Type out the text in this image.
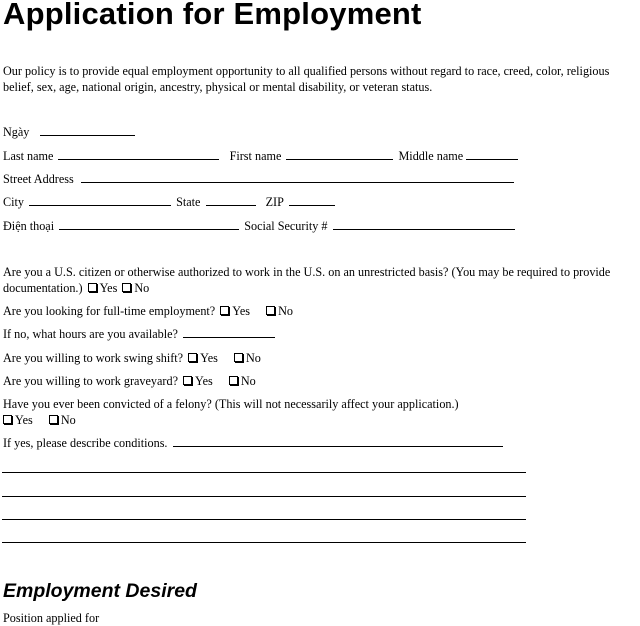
Application for Employment
Our policy is to provide equal employment opportunity to all qualified persons without regard to race, creed, color, religious belief, sex, age, national origin, ancestry, physical or mental disability, or veteran status.
Ngày
Last name	First name	Middle name
Street Address
City	State	ZIP
Điện thoại	Social Security #
Are you a U.S. citizen or otherwise authorized to work in the U.S. on an unrestricted basis? (You may be required to provide documentation.) Yes No
Are you looking for full-time employment? Yes No
If no, what hours are you available?
Are you willing to work swing shift? Yes No
Are you willing to work graveyard? Yes No
Have you ever been convicted of a felony? (This will not necessarily affect your application.)
Yes No
If yes, please describe conditions.
Employment Desired
Position applied for
